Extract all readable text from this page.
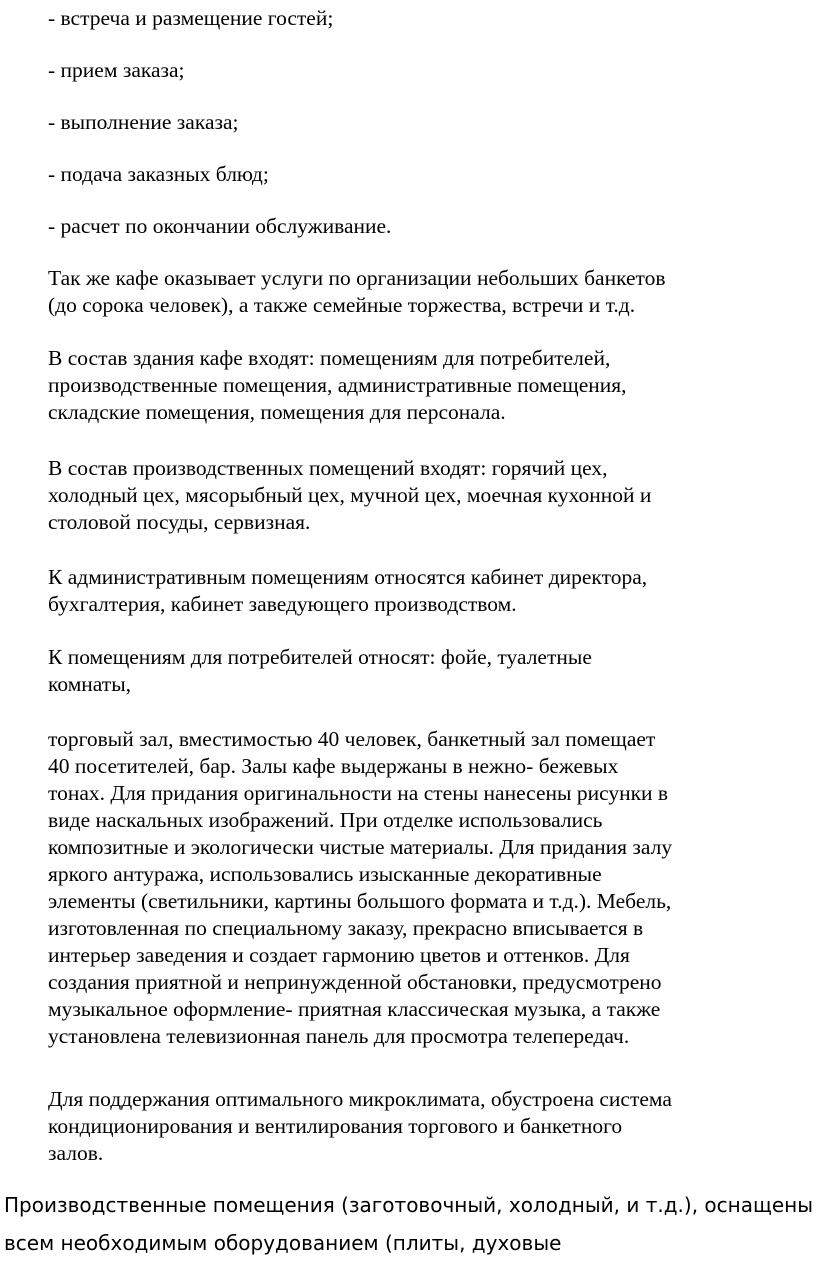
- встреча и размещение гостей;
- прием заказа;
- выполнение заказа;
- подача заказных блюд;
- расчет по окончании обслуживание.
Так же кафе оказывает услуги по организации небольших банкетов
(до сорока человек), а также семейные торжества, встречи и т.д.
В состав здания кафе входят: помещениям для потребителей,
производственные помещения, административные помещения,
складские помещения, помещения для персонала.
В состав производственных помещений входят: горячий цех,
холодный цех, мясорыбный цех, мучной цех, моечная кухонной и
столовой посуды, сервизная.
К административным помещениям относятся кабинет директора,
бухгалтерия, кабинет заведующего производством.
К помещениям для потребителей относят: фойе, туалетные
комнаты,
торговый зал, вместимостью 40 человек, банкетный зал помещает
40 посетителей, бар. Залы кафе выдержаны в нежно- бежевых
тонах. Для придания оригинальности на стены нанесены рисунки в
виде наскальных изображений. При отделке использовались
композитные и экологически чистые материалы. Для придания залу
яркого антуража, использовались изысканные декоративные
элементы (светильники, картины большого формата и т.д.). Мебель,
изготовленная по специальному заказу, прекрасно вписывается в
интерьер заведения и создает гармонию цветов и оттенков. Для
создания приятной и непринужденной обстановки, предусмотрено
музыкальное оформление- приятная классическая музыка, а также
установлена телевизионная панель для просмотра телепередач.
Для поддержания оптимального микроклимата, обустроена система
кондиционирования и вентилирования торгового и банкетного
залов.
Производственные помещения (заготовочный, холодный, и т.д.), оснащены
всем необходимым оборудованием (плиты, духовые
